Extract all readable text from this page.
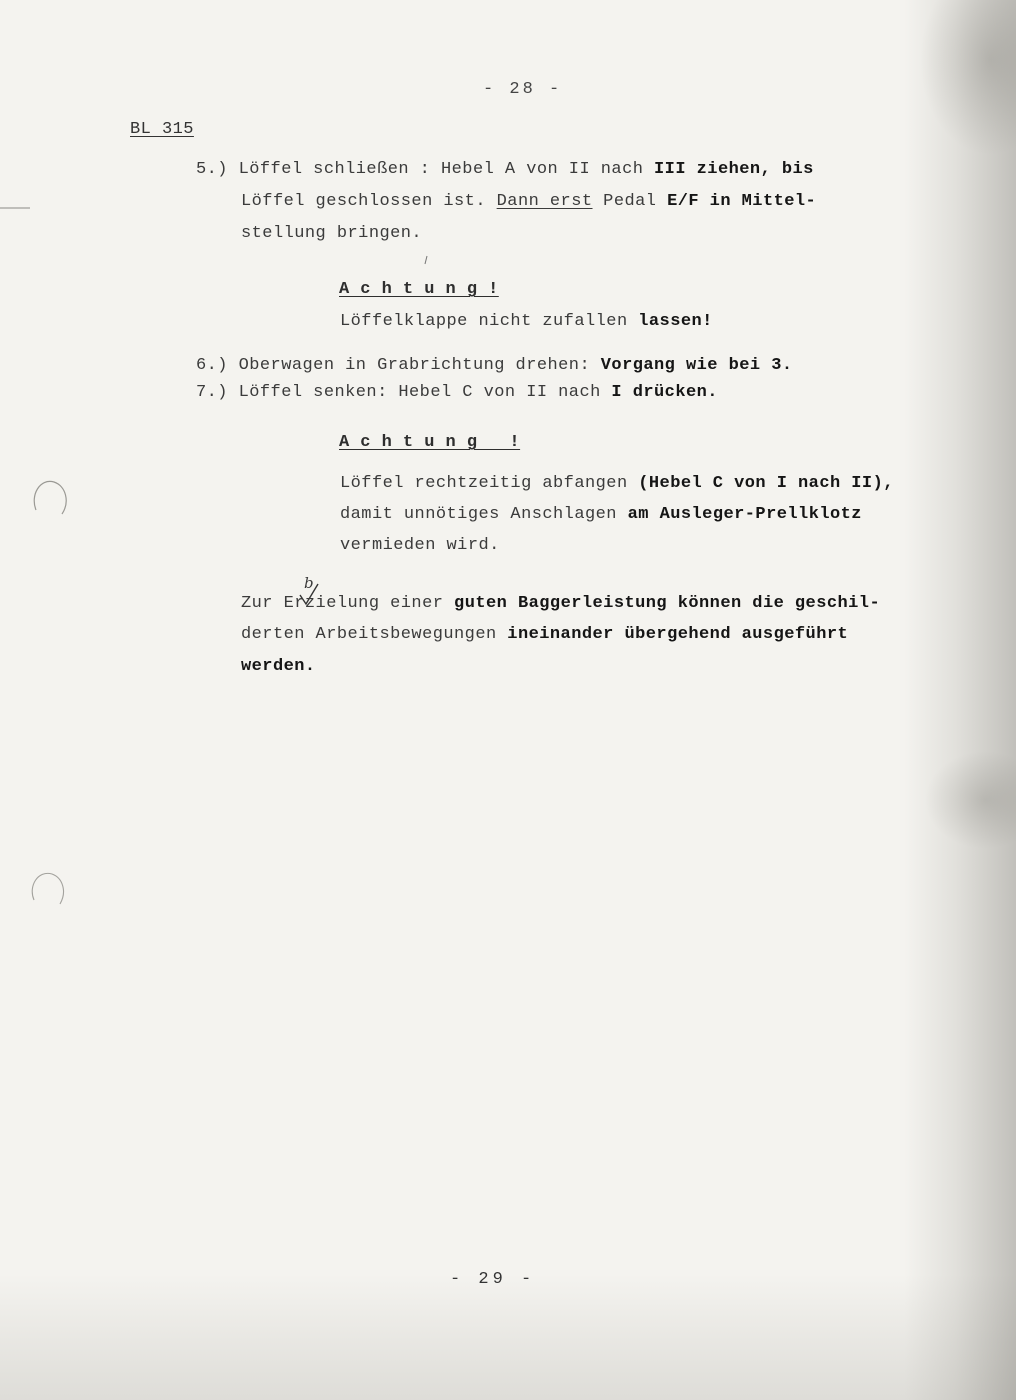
- 28 -
BL 315
5.) Löffel schließen : Hebel A von II nach III ziehen, bis
Löffel geschlossen ist. Dann erst Pedal E/F in Mittel-
stellung bringen.
A c h t u n g !
Löffelklappe nicht zufallen lassen!
6.) Oberwagen in Grabrichtung drehen: Vorgang wie bei 3.
7.) Löffel senken: Hebel C von II nach I drücken.
A c h t u n g   !
Löffel rechtzeitig abfangen (Hebel C von I nach II),
damit unnötiges Anschlagen am Ausleger-Prellklotz
vermieden wird.
b
Zur Erzielung einer guten Baggerleistung können die geschil-
derten Arbeitsbewegungen ineinander übergehend ausgeführt
werden.
- 29 -
